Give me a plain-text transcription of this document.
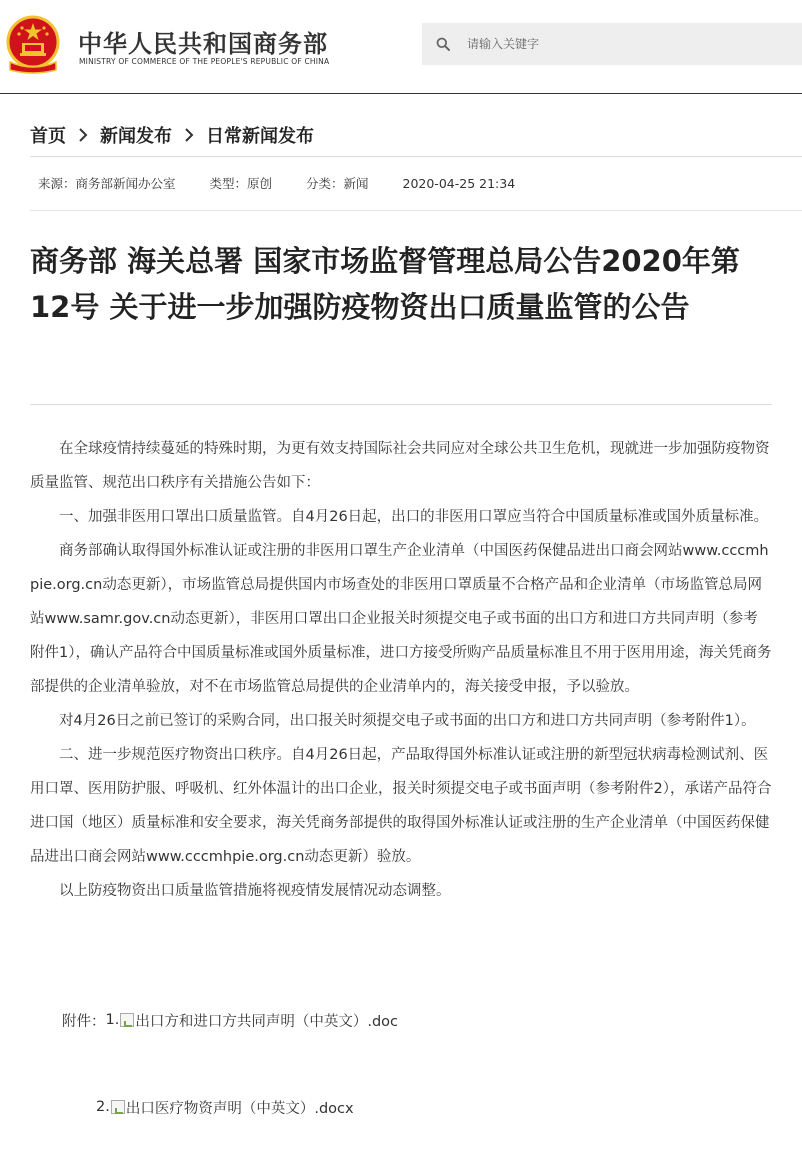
中华人民共和国商务部
MINISTRY OF COMMERCE OF THE PEOPLE'S REPUBLIC OF CHINA
请输入关键字
首页 新闻发布 日常新闻发布
来源：商务部新闻办公室	类型：原创	分类：新闻	2020-04-25 21:34
商务部 海关总署 国家市场监督管理总局公告2020年第12号 关于进一步加强防疫物资出口质量监管的公告

在全球疫情持续蔓延的特殊时期，为更有效支持国际社会共同应对全球公共卫生危机，现就进一步加强防疫物资质量监管、规范出口秩序有关措施公告如下：

一、加强非医用口罩出口质量监管。自4月26日起，出口的非医用口罩应当符合中国质量标准或国外质量标准。

商务部确认取得国外标准认证或注册的非医用口罩生产企业清单（中国医药保健品进出口商会网站www.cccmhpie.org.cn动态更新），市场监管总局提供国内市场查处的非医用口罩质量不合格产品和企业清单（市场监管总局网站www.samr.gov.cn动态更新），非医用口罩出口企业报关时须提交电子或书面的出口方和进口方共同声明（参考附件1），确认产品符合中国质量标准或国外质量标准，进口方接受所购产品质量标准且不用于医用用途，海关凭商务部提供的企业清单验放，对不在市场监管总局提供的企业清单内的，海关接受申报，予以验放。

对4月26日之前已签订的采购合同，出口报关时须提交电子或书面的出口方和进口方共同声明（参考附件1）。

二、进一步规范医疗物资出口秩序。自4月26日起，产品取得国外标准认证或注册的新型冠状病毒检测试剂、医用口罩、医用防护服、呼吸机、红外体温计的出口企业，报关时须提交电子或书面声明（参考附件2），承诺产品符合进口国（地区）质量标准和安全要求，海关凭商务部提供的取得国外标准认证或注册的生产企业清单（中国医药保健品进出口商会网站www.cccmhpie.org.cn动态更新）验放。

以上防疫物资出口质量监管措施将视疫情发展情况动态调整。

附件： 1. 出口方和进口方共同声明（中英文）.doc
2. 出口医疗物资声明（中英文）.docx
